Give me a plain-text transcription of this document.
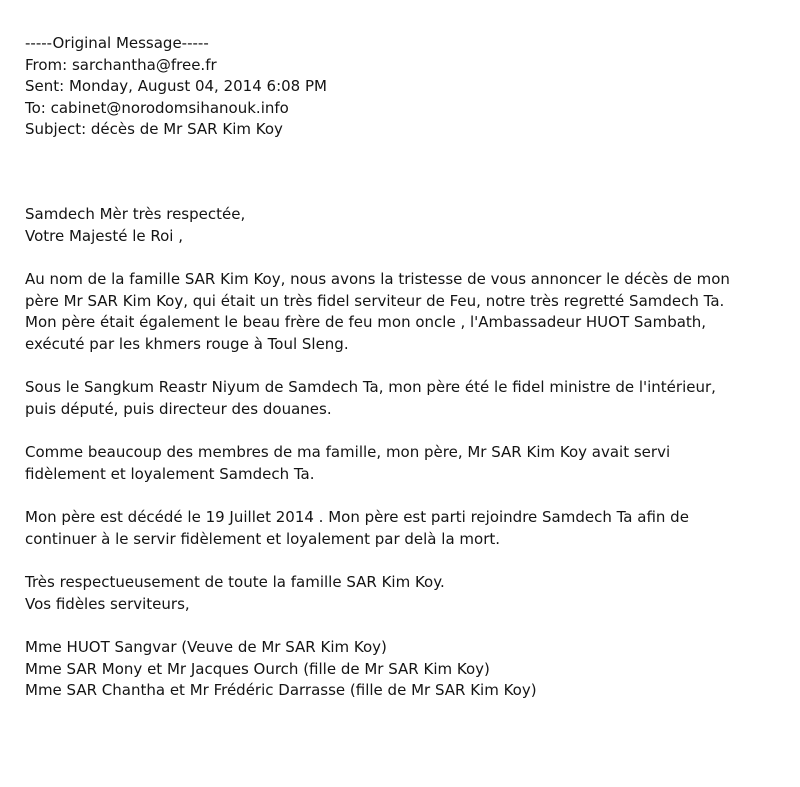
-----Original Message-----
From: sarchantha@free.fr
Sent: Monday, August 04, 2014 6:08 PM
To: cabinet@norodomsihanouk.info
Subject: décès de Mr SAR Kim Koy
Samdech Mèr très respectée,
Votre Majesté le Roi ,
Au nom de la famille SAR Kim Koy, nous avons la tristesse de vous annoncer le décès de mon
père Mr SAR Kim Koy, qui était un très fidel serviteur de Feu, notre très regretté Samdech Ta.
Mon père était également le beau frère de feu mon oncle , l'Ambassadeur HUOT Sambath,
exécuté par les khmers rouge à Toul Sleng.
Sous le Sangkum Reastr Niyum de Samdech Ta, mon père été le fidel ministre de l'intérieur,
puis député, puis directeur des douanes.
Comme beaucoup des membres de ma famille, mon père, Mr SAR Kim Koy avait servi
fidèlement et loyalement Samdech Ta.
Mon père est décédé le 19 Juillet 2014 . Mon père est parti rejoindre Samdech Ta afin de
continuer à le servir fidèlement et loyalement par delà la mort.
Très respectueusement de toute la famille SAR Kim Koy.
Vos fidèles serviteurs,
Mme HUOT Sangvar (Veuve de Mr SAR Kim Koy)
Mme SAR Mony et Mr Jacques Ourch (fille de Mr SAR Kim Koy)
Mme SAR Chantha et Mr Frédéric Darrasse (fille de Mr SAR Kim Koy)
